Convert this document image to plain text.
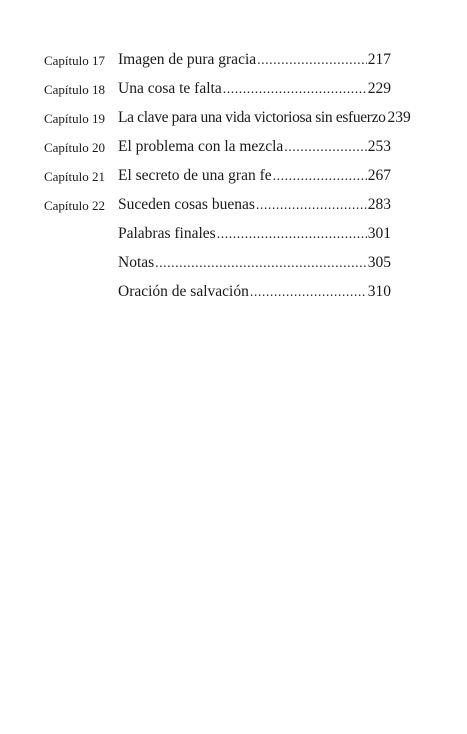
Capítulo 17 Imagen de pura gracia .....	217
Capítulo 18 Una cosa te falta .....	229
Capítulo 19 La clave para una vida victoriosa sin esfuerzo 239
Capítulo 20 El problema con la mezcla .....	253
Capítulo 21 El secreto de una gran fe .....	267
Capítulo 22 Suceden cosas buenas .....	283
Palabras finales .....	301
Notas .....	305
Oración de salvación .....	310
